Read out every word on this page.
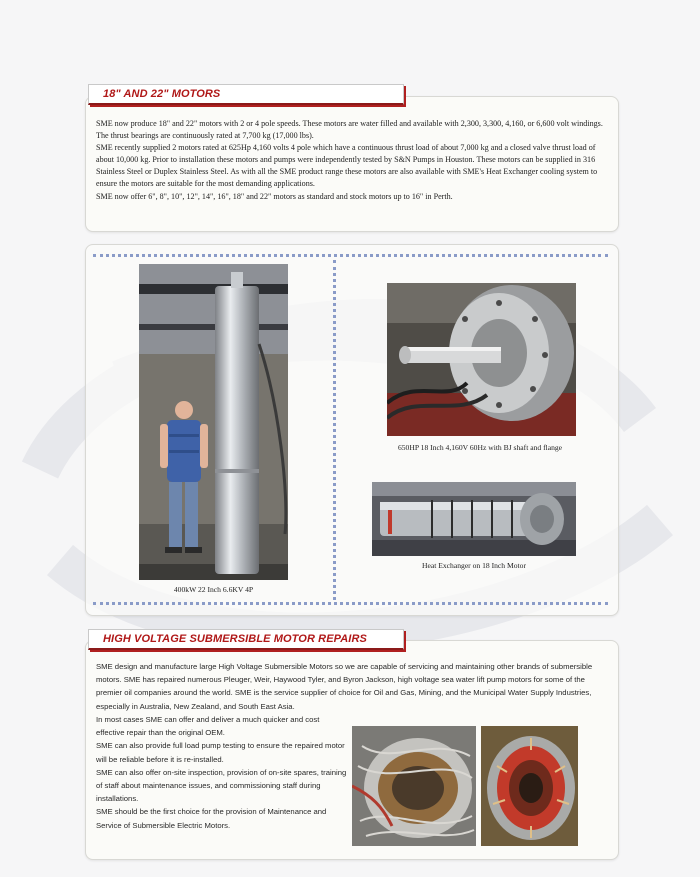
18" AND 22" MOTORS

SME now produce 18" and 22" motors with 2 or 4 pole speeds. These motors are water filled and available with 2,300, 3,300, 4,160, or 6,600 volt windings. The thrust bearings are continuously rated at 7,700 kg (17,000 lbs).

SME recently supplied 2 motors rated at 625Hp 4,160 volts 4 pole which have a continuous thrust load of about 7,000 kg and a closed valve thrust load of about 10,000 kg. Prior to installation these motors and pumps were independently tested by S&N Pumps in Houston. These motors can be supplied in 316 Stainless Steel or Duplex Stainless Steel. As with all the SME product range these motors are also available with SME's Heat Exchanger cooling system to ensure the motors are suitable for the most demanding applications.

SME now offer 6", 8", 10", 12", 14", 16", 18" and 22" motors as standard and stock motors up to 16" in Perth.

400kW 22 Inch 6.6KV 4P
650HP 18 Inch 4,160V 60Hz with BJ shaft and flange
Heat Exchanger on 18 Inch Motor
HIGH VOLTAGE SUBMERSIBLE MOTOR REPAIRS

SME design and manufacture large High Voltage Submersible Motors so we are capable of servicing and maintaining other brands of submersible motors. SME has repaired numerous Pleuger, Weir, Haywood Tyler, and Byron Jackson, high voltage sea water lift pump motors for some of the premier oil companies around the world. SME is the service supplier of choice for Oil and Gas, Mining, and the Municipal Water Supply Industries, especially in Australia, New Zealand, and South East Asia.

In most cases SME can offer and deliver a much quicker and cost effective repair than the original OEM.

SME can also provide full load pump testing to ensure the repaired motor will be reliable before it is re-installed.

SME can also offer on-site inspection, provision of on-site spares, training of staff about maintenance issues, and commissioning staff during installations.

SME should be the first choice for the provision of Maintenance and Service of Submersible Electric Motors.
